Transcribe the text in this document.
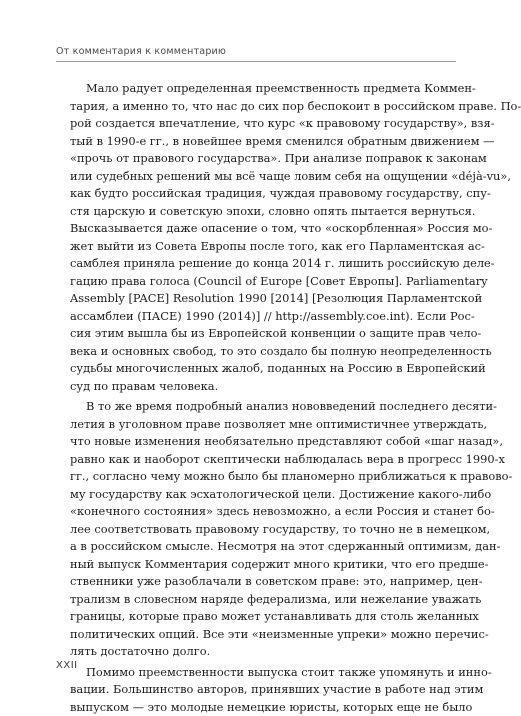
От комментария к комментарию
Мало радует определенная преемственность предмета Коммен-
тария, а именно то, что нас до сих пор беспокоит в российском праве. По-
рой создается впечатление, что курс «к правовому государству», взя-
тый в 1990-е гг., в новейшее время сменился обратным движением —
«прочь от правового государства». При анализе поправок к законам
или судебных решений мы всё чаще ловим себя на ощущении «déjà-vu»,
как будто российская традиция, чуждая правовому государству, спу-
стя царскую и советскую эпохи, словно опять пытается вернуться.
Высказывается даже опасение о том, что «оскорбленная» Россия мо-
жет выйти из Совета Европы после того, как его Парламентская ас-
самблея приняла решение до конца 2014 г. лишить российскую деле-
гацию права голоса (Council of Europe [Совет Европы]. Parliamentary
Assembly [PACE] Resolution 1990 [2014] [Резолюция Парламентской
ассамблеи (ПАСЕ) 1990 (2014)] // http://assembly.coe.int). Если Рос-
сия этим вышла бы из Европейской конвенции о защите прав чело-
века и основных свобод, то это создало бы полную неопределенность
судьбы многочисленных жалоб, поданных на Россию в Европейский
суд по правам человека.
В то же время подробный анализ нововведений последнего десяти-
летия в уголовном праве позволяет мне оптимистичнее утверждать,
что новые изменения необязательно представляют собой «шаг назад»,
равно как и наоборот скептически наблюдалась вера в прогресс 1990-х
гг., согласно чему можно было бы планомерно приближаться к правово-
му государству как эсхатологической цели. Достижение какого-либо
«конечного состояния» здесь невозможно, а если Россия и станет бо-
лее соответствовать правовому государству, то точно не в немецком,
а в российском смысле. Несмотря на этот сдержанный оптимизм, дан-
ный выпуск Комментария содержит много критики, что его предше-
ственники уже разоблачали в советском праве: это, например, цен-
трализм в словесном наряде федерализма, или нежелание уважать
границы, которые право может устанавливать для столь желанных
политических опций. Все эти «неизменные упреки» можно перечис-
лять достаточно долго.
Помимо преемственности выпуска стоит также упомянуть и инно-
вации. Большинство авторов, принявших участие в работе над этим
выпуском — это молодые немецкие юристы, которых еще не было
XXII
